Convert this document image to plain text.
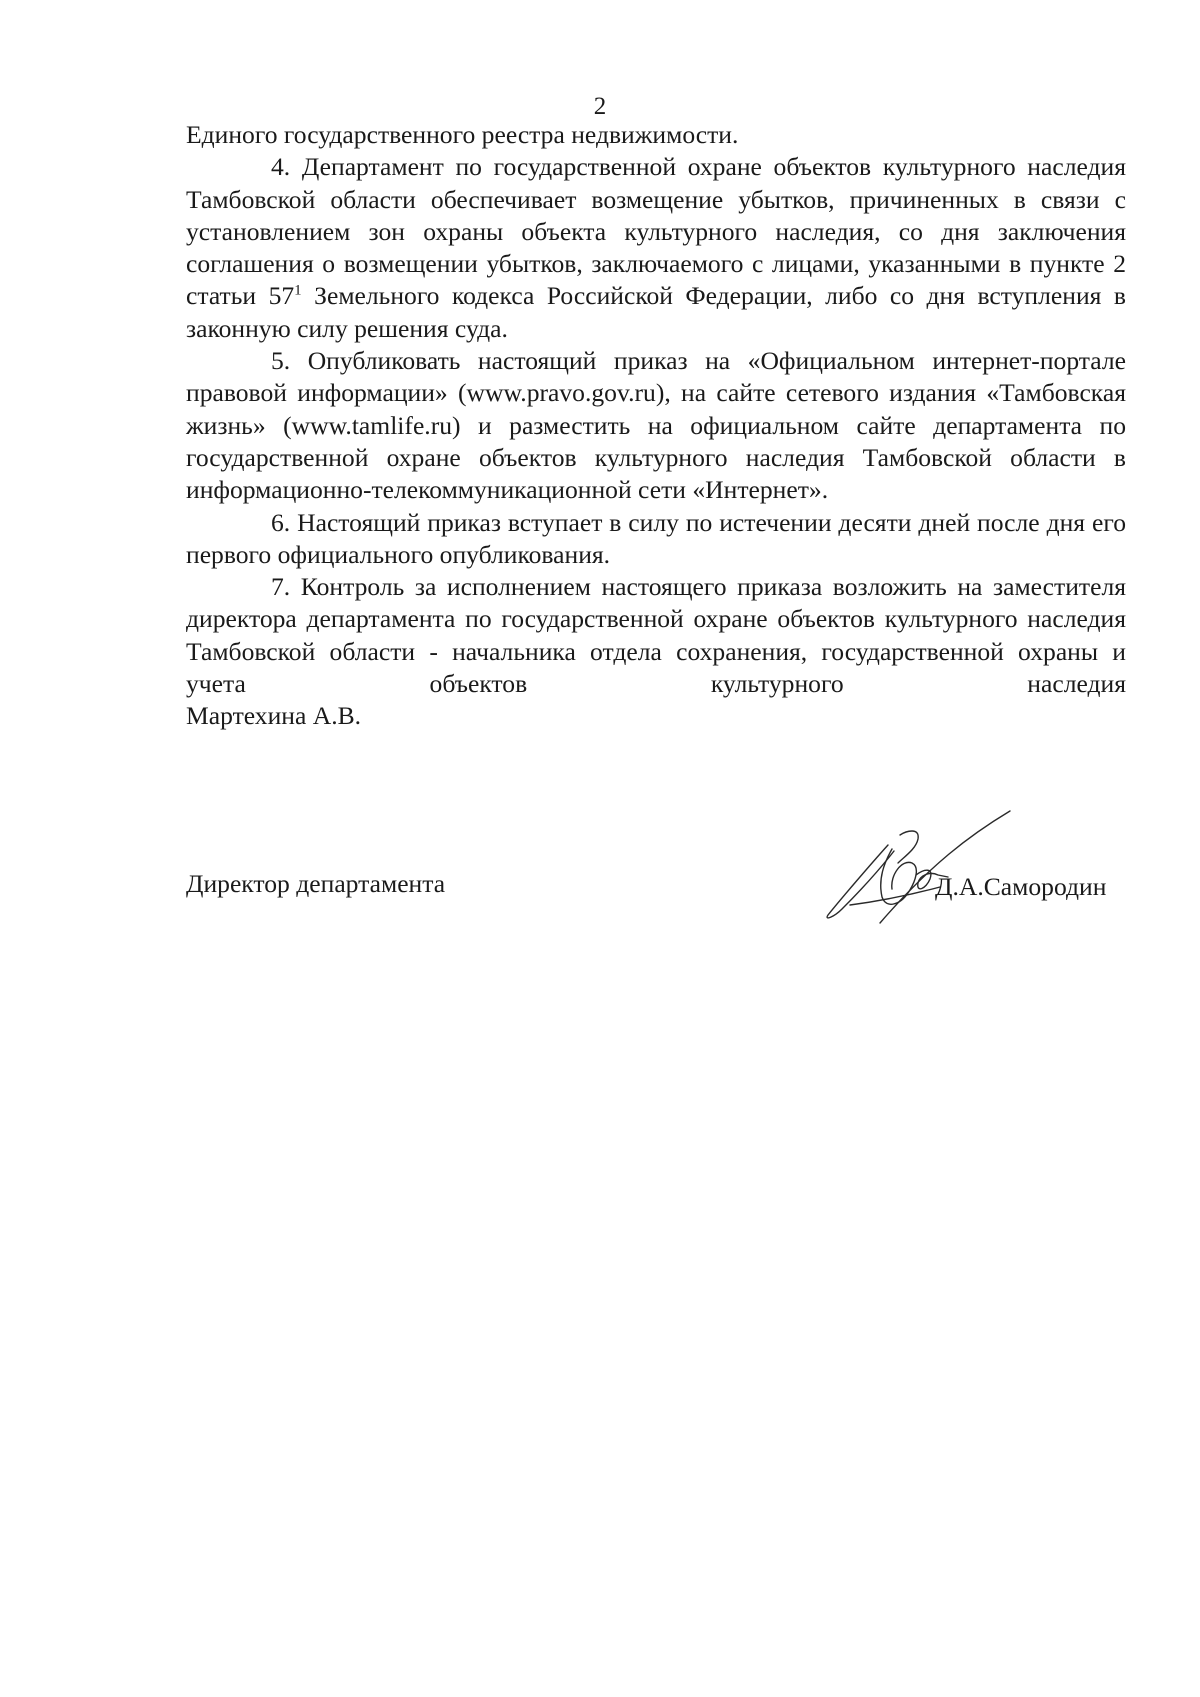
2

Единого государственного реестра недвижимости.

4. Департамент по государственной охране объектов культурного наследия Тамбовской области обеспечивает возмещение убытков, причиненных в связи с установлением зон охраны объекта культурного наследия, со дня заключения соглашения о возмещении убытков, заключаемого с лицами, указанными в пункте 2 статьи $57^1$ Земельного кодекса Российской Федерации, либо со дня вступления в законную силу решения суда.

5. Опубликовать настоящий приказ на «Официальном интернет-портале правовой информации» (www.pravo.gov.ru), на сайте сетевого издания «Тамбовская жизнь» (www.tamlife.ru) и разместить на официальном сайте департамента по государственной охране объектов культурного наследия Тамбовской области в информационно-телекоммуникационной сети «Интернет».

6. Настоящий приказ вступает в силу по истечении десяти дней после дня его первого официального опубликования.

7. Контроль за исполнением настоящего приказа возложить на заместителя директора департамента по государственной охране объектов культурного наследия Тамбовской области - начальника отдела сохранения, государственной охраны и учета объектов культурного наследия

Мартехина А.В.

Директор департамента	Д.А.Самородин
